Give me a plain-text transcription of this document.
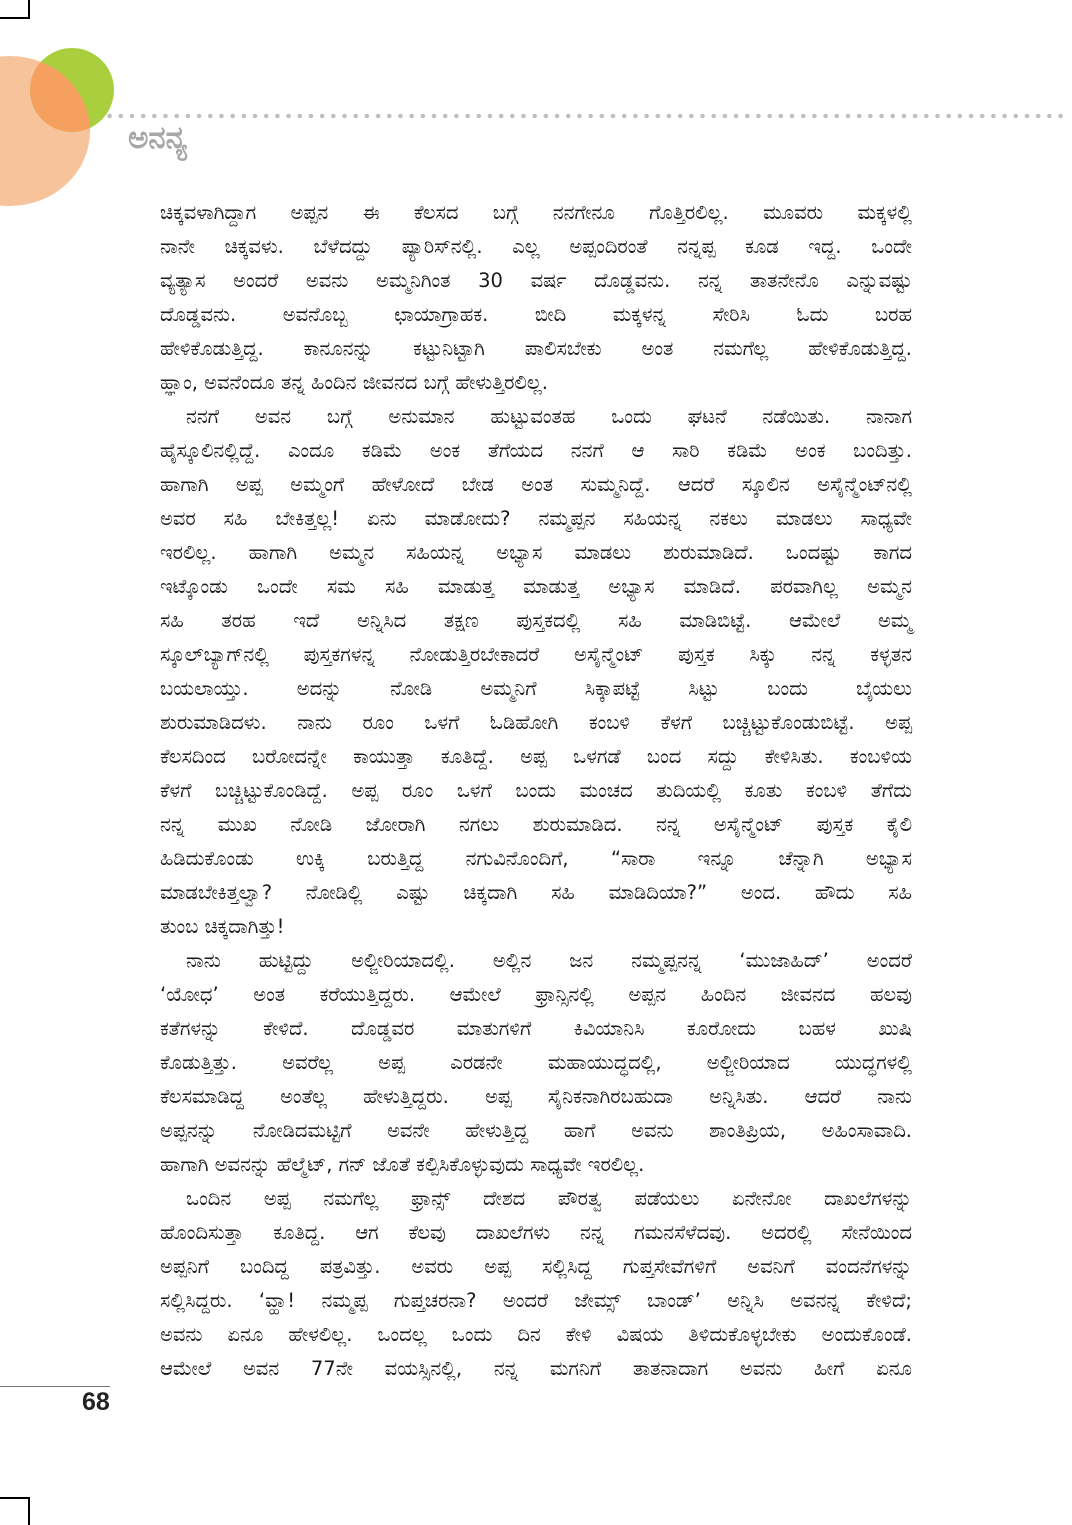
ಅನನ್ಯ
ಚಿಕ್ಕವಳಾಗಿದ್ದಾಗ ಅಪ್ಪನ ಈ ಕೆಲಸದ ಬಗ್ಗೆ ನನಗೇನೂ ಗೊತ್ತಿರಲಿಲ್ಲ. ಮೂವರು ಮಕ್ಕಳಲ್ಲಿ
ನಾನೇ ಚಿಕ್ಕವಳು. ಬೆಳೆದದ್ದು ಪ್ಯಾರಿಸ್‌ನಲ್ಲಿ. ಎಲ್ಲ ಅಪ್ಪಂದಿರಂತೆ ನನ್ನಪ್ಪ ಕೂಡ ಇದ್ದ. ಒಂದೇ
ವ್ಯತ್ಯಾಸ ಅಂದರೆ ಅವನು ಅಮ್ಮನಿಗಿಂತ 30 ವರ್ಷ ದೊಡ್ಡವನು. ನನ್ನ ತಾತನೇನೊ ಎನ್ನುವಷ್ಟು
ದೊಡ್ಡವನು. ಅವನೊಬ್ಬ ಛಾಯಾಗ್ರಾಹಕ. ಬೀದಿ ಮಕ್ಕಳನ್ನ ಸೇರಿಸಿ ಓದು ಬರಹ
ಹೇಳಿಕೊಡುತ್ತಿದ್ದ. ಕಾನೂನನ್ನು ಕಟ್ಟುನಿಟ್ಟಾಗಿ ಪಾಲಿಸಬೇಕು ಅಂತ ನಮಗೆಲ್ಲ ಹೇಳಿಕೊಡುತ್ತಿದ್ದ.
ಹ್ಞಾಂ, ಅವನೆಂದೂ ತನ್ನ ಹಿಂದಿನ ಜೀವನದ ಬಗ್ಗೆ ಹೇಳುತ್ತಿರಲಿಲ್ಲ.
ನನಗೆ ಅವನ ಬಗ್ಗೆ ಅನುಮಾನ ಹುಟ್ಟುವಂತಹ ಒಂದು ಘಟನೆ ನಡೆಯಿತು. ನಾನಾಗ
ಹೈಸ್ಕೂಲಿನಲ್ಲಿದ್ದೆ. ಎಂದೂ ಕಡಿಮೆ ಅಂಕ ತೆಗೆಯದ ನನಗೆ ಆ ಸಾರಿ ಕಡಿಮೆ ಅಂಕ ಬಂದಿತ್ತು.
ಹಾಗಾಗಿ ಅಪ್ಪ ಅಮ್ಮಂಗೆ ಹೇಳೋದೆ ಬೇಡ ಅಂತ ಸುಮ್ಮನಿದ್ದೆ. ಆದರೆ ಸ್ಕೂಲಿನ ಅಸೈನ್ಮೆಂಟ್‌ನಲ್ಲಿ
ಅವರ ಸಹಿ ಬೇಕಿತ್ತಲ್ಲ! ಏನು ಮಾಡೋದು? ನಮ್ಮಪ್ಪನ ಸಹಿಯನ್ನ ನಕಲು ಮಾಡಲು ಸಾಧ್ಯವೇ
ಇರಲಿಲ್ಲ. ಹಾಗಾಗಿ ಅಮ್ಮನ ಸಹಿಯನ್ನ ಅಭ್ಯಾಸ ಮಾಡಲು ಶುರುಮಾಡಿದೆ. ಒಂದಷ್ಟು ಕಾಗದ
ಇಟ್ಕೊಂಡು ಒಂದೇ ಸಮ ಸಹಿ ಮಾಡುತ್ತ ಮಾಡುತ್ತ ಅಭ್ಯಾಸ ಮಾಡಿದೆ. ಪರವಾಗಿಲ್ಲ ಅಮ್ಮನ
ಸಹಿ ತರಹ ಇದೆ ಅನ್ನಿಸಿದ ತಕ್ಷಣ ಪುಸ್ತಕದಲ್ಲಿ ಸಹಿ ಮಾಡಿಬಿಟ್ಟೆ. ಆಮೇಲೆ ಅಮ್ಮ
ಸ್ಕೂಲ್‌ಬ್ಯಾಗ್‌ನಲ್ಲಿ ಪುಸ್ತಕಗಳನ್ನ ನೋಡುತ್ತಿರಬೇಕಾದರೆ ಅಸೈನ್ಮೆಂಟ್ ಪುಸ್ತಕ ಸಿಕ್ಕು ನನ್ನ ಕಳ್ಳತನ
ಬಯಲಾಯ್ತು. ಅದನ್ನು ನೋಡಿ ಅಮ್ಮನಿಗೆ ಸಿಕ್ಕಾಪಟ್ಟೆ ಸಿಟ್ಟು ಬಂದು ಬೈಯಲು
ಶುರುಮಾಡಿದಳು. ನಾನು ರೂಂ ಒಳಗೆ ಓಡಿಹೋಗಿ ಕಂಬಳಿ ಕೆಳಗೆ ಬಚ್ಚಿಟ್ಟುಕೊಂಡುಬಿಟ್ಟೆ. ಅಪ್ಪ
ಕೆಲಸದಿಂದ ಬರೋದನ್ನೇ ಕಾಯುತ್ತಾ ಕೂತಿದ್ದೆ. ಅಪ್ಪ ಒಳಗಡೆ ಬಂದ ಸದ್ದು ಕೇಳಿಸಿತು. ಕಂಬಳಿಯ
ಕೆಳಗೆ ಬಚ್ಚಿಟ್ಟುಕೊಂಡಿದ್ದೆ. ಅಪ್ಪ ರೂಂ ಒಳಗೆ ಬಂದು ಮಂಚದ ತುದಿಯಲ್ಲಿ ಕೂತು ಕಂಬಳಿ ತೆಗೆದು
ನನ್ನ ಮುಖ ನೋಡಿ ಜೋರಾಗಿ ನಗಲು ಶುರುಮಾಡಿದ. ನನ್ನ ಅಸೈನ್ಮೆಂಟ್ ಪುಸ್ತಕ ಕೈಲಿ
ಹಿಡಿದುಕೊಂಡು ಉಕ್ಕಿ ಬರುತ್ತಿದ್ದ ನಗುವಿನೊಂದಿಗೆ, “ಸಾರಾ ಇನ್ನೂ ಚೆನ್ನಾಗಿ ಅಭ್ಯಾಸ
ಮಾಡಬೇಕಿತ್ತಲ್ವಾ? ನೋಡಿಲ್ಲಿ ಎಷ್ಟು ಚಿಕ್ಕದಾಗಿ ಸಹಿ ಮಾಡಿದಿಯಾ?” ಅಂದ. ಹೌದು ಸಹಿ
ತುಂಬ ಚಿಕ್ಕದಾಗಿತ್ತು!
ನಾನು ಹುಟ್ಟಿದ್ದು ಅಲ್ಜೀರಿಯಾದಲ್ಲಿ. ಅಲ್ಲಿನ ಜನ ನಮ್ಮಪ್ಪನನ್ನ ‘ಮುಜಾಹಿದ್’ ಅಂದರೆ
‘ಯೋಧ’ ಅಂತ ಕರೆಯುತ್ತಿದ್ದರು. ಆಮೇಲೆ ಫ್ರಾನ್ಸಿನಲ್ಲಿ ಅಪ್ಪನ ಹಿಂದಿನ ಜೀವನದ ಹಲವು
ಕತೆಗಳನ್ನು ಕೇಳಿದೆ. ದೊಡ್ಡವರ ಮಾತುಗಳಿಗೆ ಕಿವಿಯಾನಿಸಿ ಕೂರೋದು ಬಹಳ ಖುಷಿ
ಕೊಡುತ್ತಿತ್ತು. ಅವರೆಲ್ಲ ಅಪ್ಪ ಎರಡನೇ ಮಹಾಯುದ್ಧದಲ್ಲಿ, ಅಲ್ಜೀರಿಯಾದ ಯುದ್ಧಗಳಲ್ಲಿ
ಕೆಲಸಮಾಡಿದ್ದ ಅಂತೆಲ್ಲ ಹೇಳುತ್ತಿದ್ದರು. ಅಪ್ಪ ಸೈನಿಕನಾಗಿರಬಹುದಾ ಅನ್ನಿಸಿತು. ಆದರೆ ನಾನು
ಅಪ್ಪನನ್ನು ನೋಡಿದಮಟ್ಟಿಗೆ ಅವನೇ ಹೇಳುತ್ತಿದ್ದ ಹಾಗೆ ಅವನು ಶಾಂತಿಪ್ರಿಯ, ಅಹಿಂಸಾವಾದಿ.
ಹಾಗಾಗಿ ಅವನನ್ನು ಹೆಲ್ಮೆಟ್, ಗನ್ ಜೊತೆ ಕಲ್ಪಿಸಿಕೊಳ್ಳುವುದು ಸಾಧ್ಯವೇ ಇರಲಿಲ್ಲ.
ಒಂದಿನ ಅಪ್ಪ ನಮಗೆಲ್ಲ ಫ್ರಾನ್ಸ್ ದೇಶದ ಪೌರತ್ವ ಪಡೆಯಲು ಏನೇನೋ ದಾಖಲೆಗಳನ್ನು
ಹೊಂದಿಸುತ್ತಾ ಕೂತಿದ್ದ. ಆಗ ಕೆಲವು ದಾಖಲೆಗಳು ನನ್ನ ಗಮನಸೆಳೆದವು. ಅದರಲ್ಲಿ ಸೇನೆಯಿಂದ
ಅಪ್ಪನಿಗೆ ಬಂದಿದ್ದ ಪತ್ರವಿತ್ತು. ಅವರು ಅಪ್ಪ ಸಲ್ಲಿಸಿದ್ದ ಗುಪ್ತಸೇವೆಗಳಿಗೆ ಅವನಿಗೆ ವಂದನೆಗಳನ್ನು
ಸಲ್ಲಿಸಿದ್ದರು. ‘ವ್ಹಾ! ನಮ್ಮಪ್ಪ ಗುಪ್ತಚರನಾ? ಅಂದರೆ ಜೇಮ್ಸ್ ಬಾಂಡ್’ ಅನ್ನಿಸಿ ಅವನನ್ನ ಕೇಳಿದೆ;
ಅವನು ಏನೂ ಹೇಳಲಿಲ್ಲ. ಒಂದಲ್ಲ ಒಂದು ದಿನ ಕೇಳಿ ವಿಷಯ ತಿಳಿದುಕೊಳ್ಳಬೇಕು ಅಂದುಕೊಂಡೆ.
ಆಮೇಲೆ ಅವನ 77ನೇ ವಯಸ್ಸಿನಲ್ಲಿ, ನನ್ನ ಮಗನಿಗೆ ತಾತನಾದಾಗ ಅವನು ಹೀಗೆ ಏನೂ
68
